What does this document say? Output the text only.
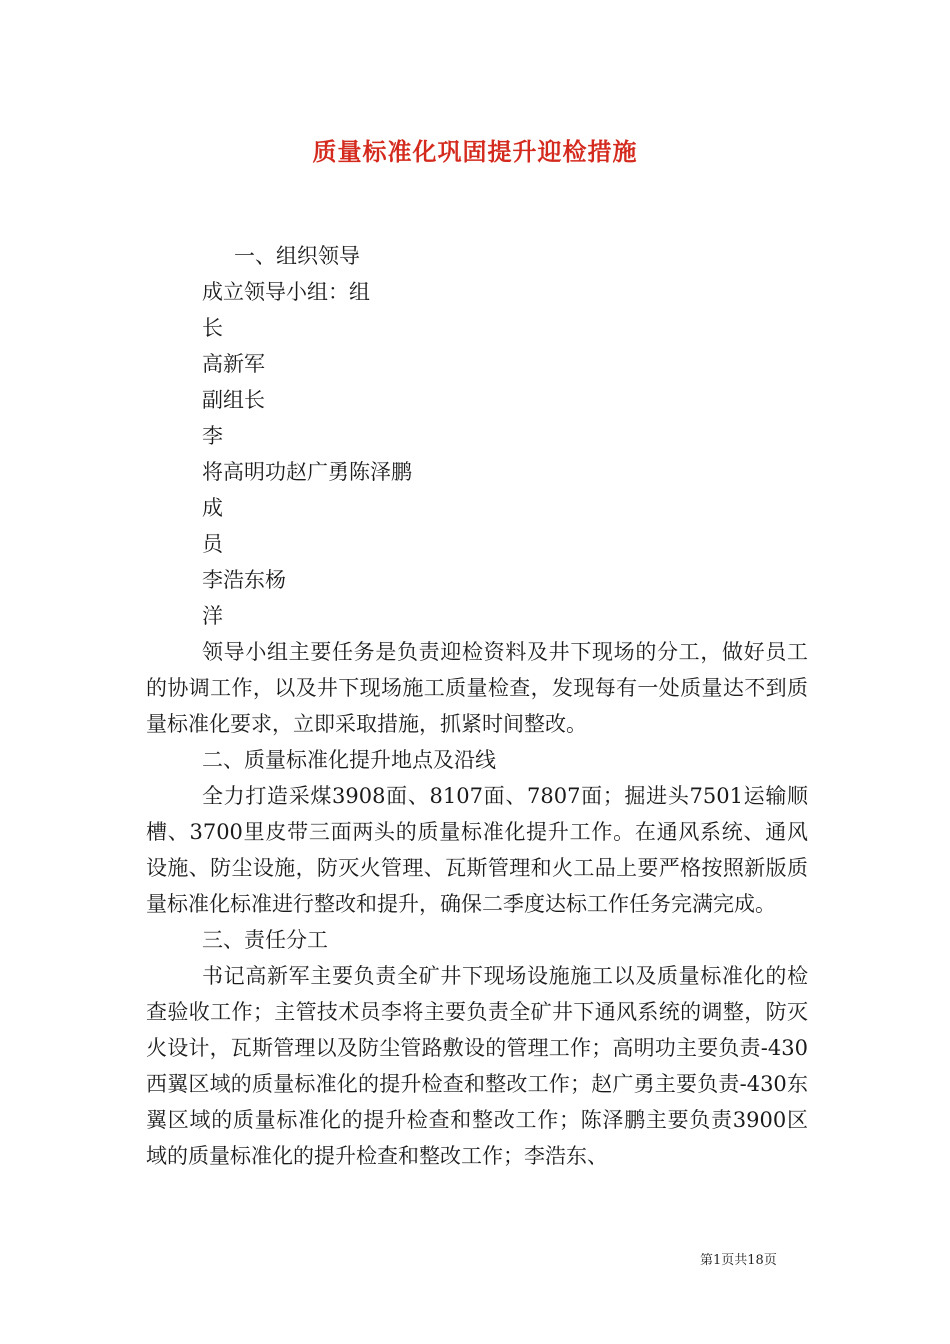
质量标准化巩固提升迎检措施

一、组织领导

成立领导小组：组

长

高新军

副组长

李

将高明功赵广勇陈泽鹏

成

员

李浩东杨

洋

领导小组主要任务是负责迎检资料及井下现场的分工，做好员工的协调工作，以及井下现场施工质量检查，发现每有一处质量达不到质量标准化要求，立即采取措施，抓紧时间整改。

二、质量标准化提升地点及沿线

全力打造采煤3908面、8107面、7807面；掘进头7501运输顺槽、3700里皮带三面两头的质量标准化提升工作。在通风系统、通风设施、防尘设施，防灭火管理、瓦斯管理和火工品上要严格按照新版质量标准化标准进行整改和提升，确保二季度达标工作任务完满完成。

三、责任分工

书记高新军主要负责全矿井下现场设施施工以及质量标准化的检查验收工作；主管技术员李将主要负责全矿井下通风系统的调整，防灭火设计，瓦斯管理以及防尘管路敷设的管理工作；高明功主要负责-430西翼区域的质量标准化的提升检查和整改工作；赵广勇主要负责-430东翼区域的质量标准化的提升检查和整改工作；陈泽鹏主要负责3900区域的质量标准化的提升检查和整改工作；李浩东、

第1页共18页
